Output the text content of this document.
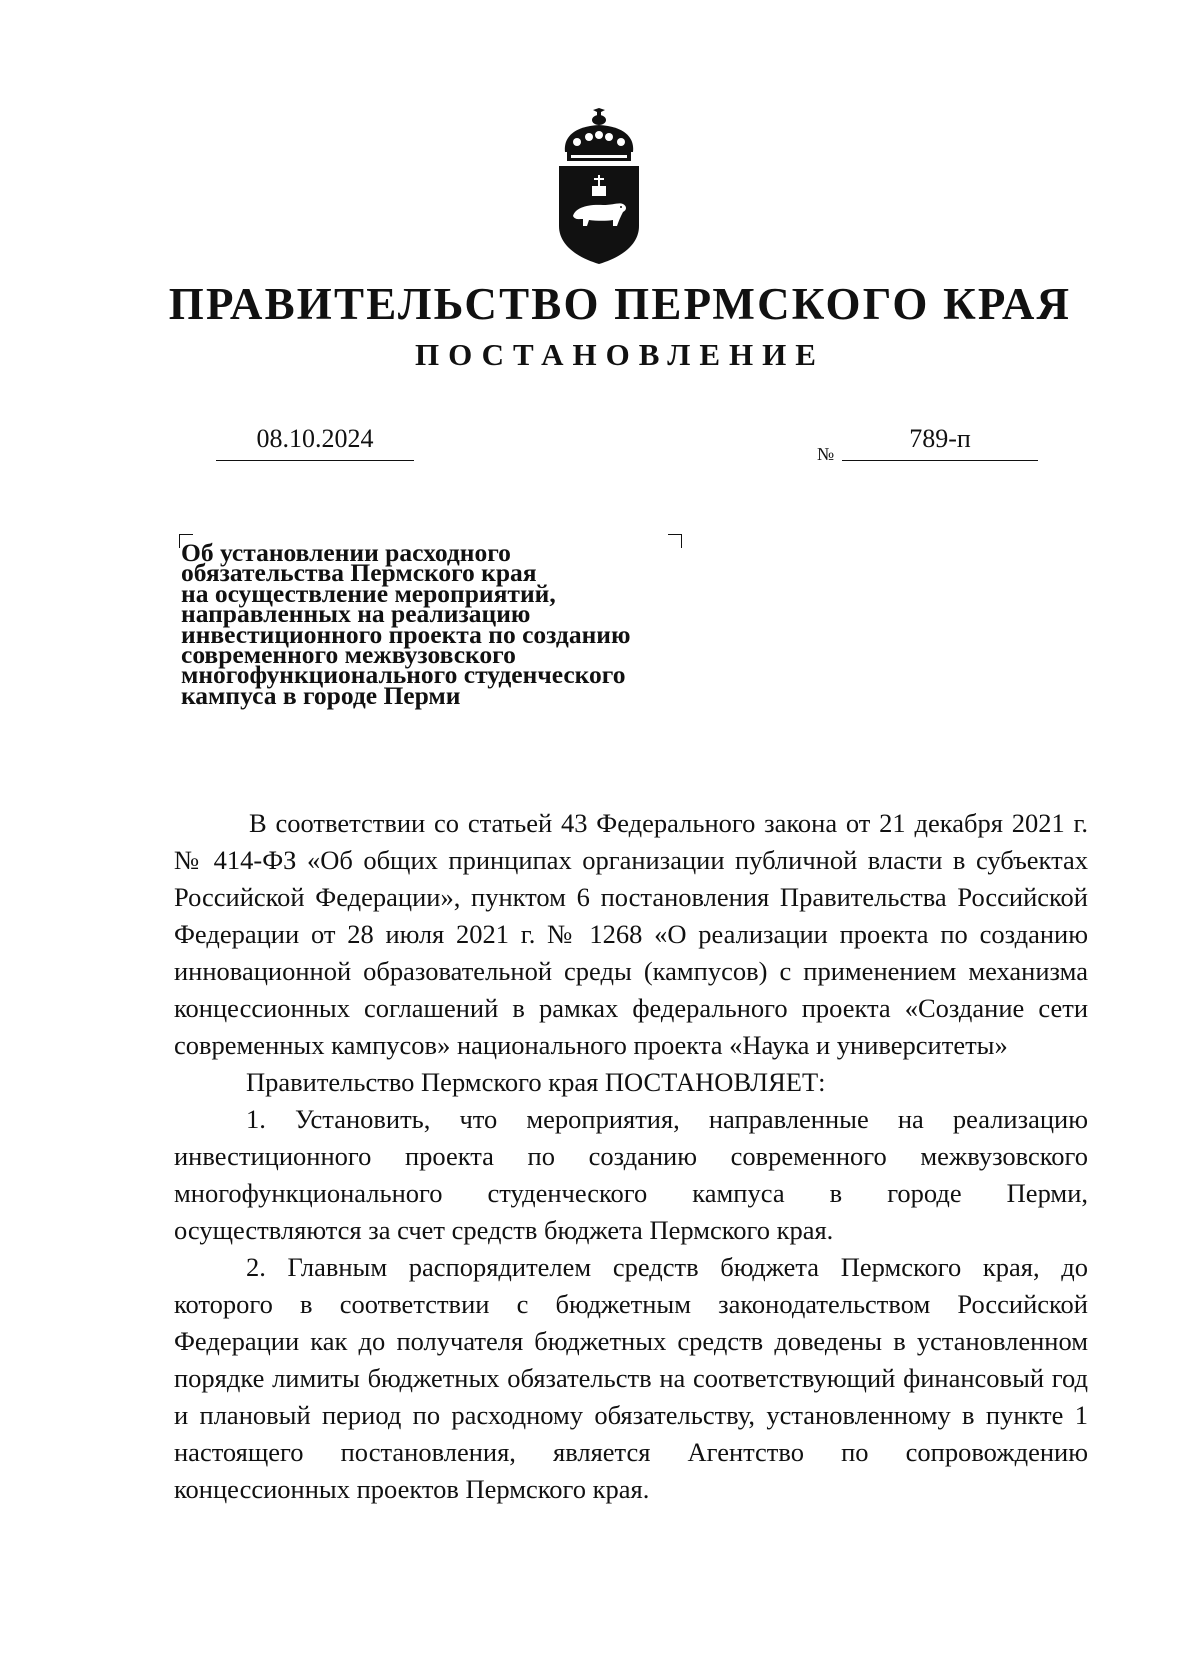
ПРАВИТЕЛЬСТВО ПЕРМСКОГО КРАЯ
ПОСТАНОВЛЕНИЕ
08.10.2024
№
789-п
Об установлении расходного
обязательства Пермского края
на осуществление мероприятий,
направленных на реализацию
инвестиционного проекта по созданию
современного межвузовского
многофункционального студенческого
кампуса в городе Перми

В соответствии со статьей 43 Федерального закона от 21 декабря 2021 г. № 414-ФЗ «Об общих принципах организации публичной власти в субъектах Российской Федерации», пунктом 6 постановления Правительства Российской Федерации от 28 июля 2021 г. № 1268 «О реализации проекта по созданию инновационной образовательной среды (кампусов) с применением механизма концессионных соглашений в рамках федерального проекта «Создание сети современных кампусов» национального проекта «Наука и университеты»

Правительство Пермского края ПОСТАНОВЛЯЕТ:

1. Установить, что мероприятия, направленные на реализацию инвестиционного проекта по созданию современного межвузовского многофункционального студенческого кампуса в городе Перми, осуществляются за счет средств бюджета Пермского края.

2. Главным распорядителем средств бюджета Пермского края, до которого в соответствии с бюджетным законодательством Российской Федерации как до получателя бюджетных средств доведены в установленном порядке лимиты бюджетных обязательств на соответствующий финансовый год и плановый период по расходному обязательству, установленному в пункте 1 настоящего постановления, является Агентство по сопровождению концессионных проектов Пермского края.
